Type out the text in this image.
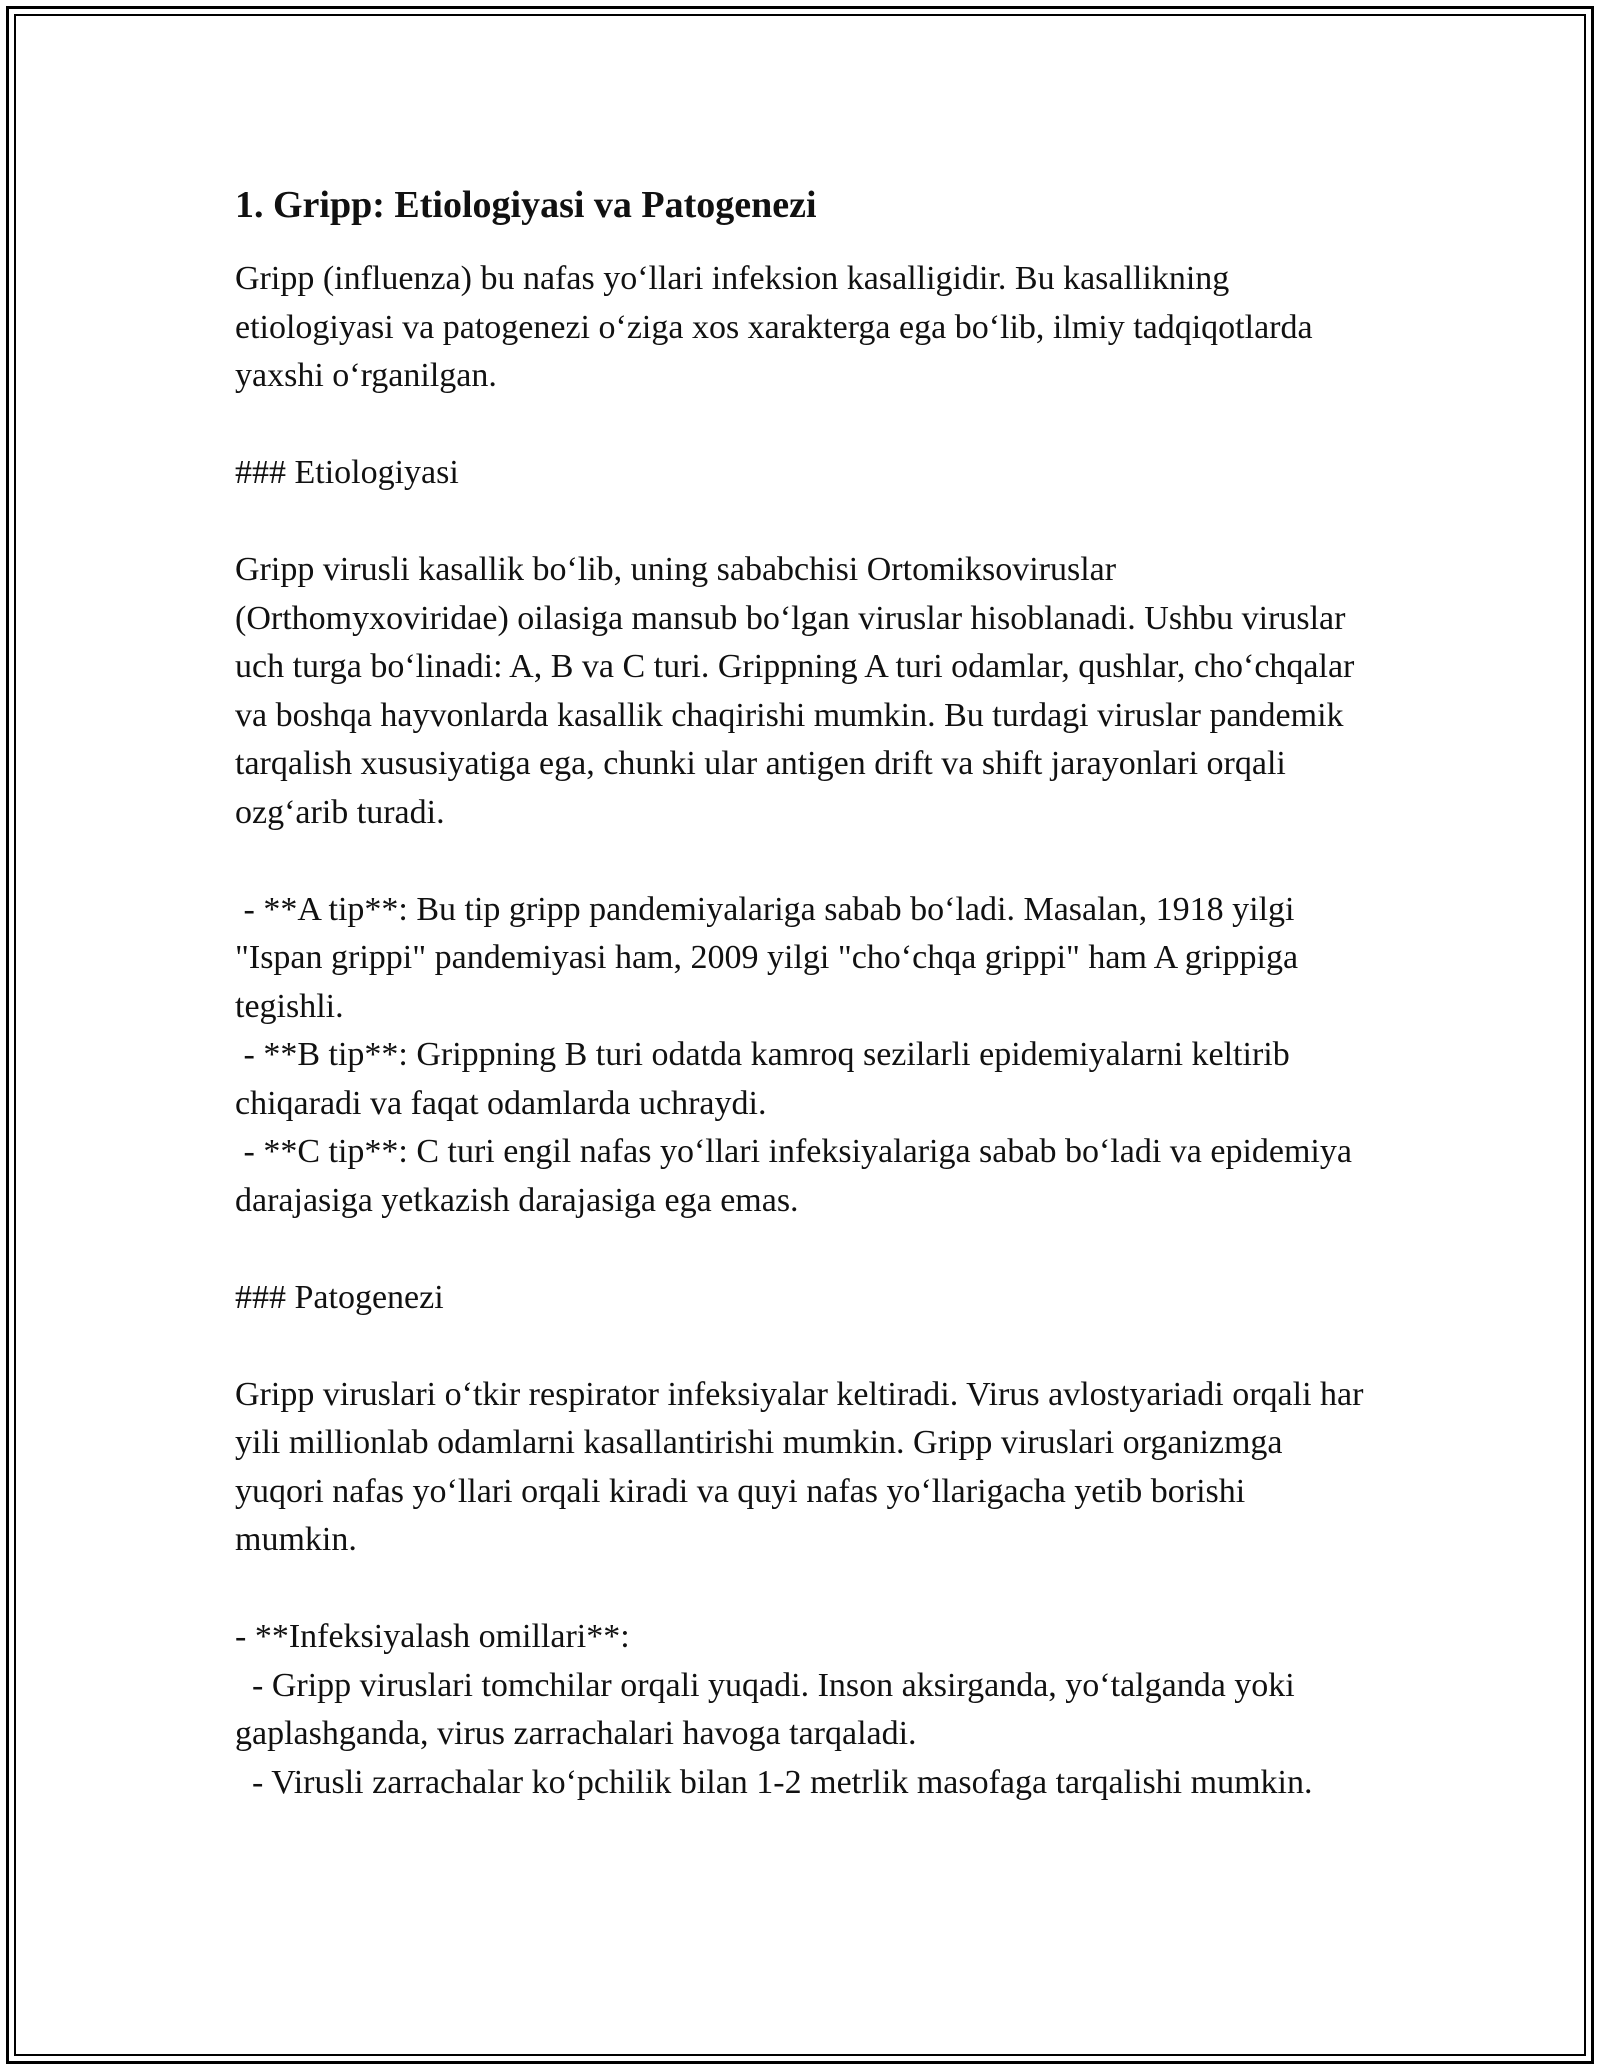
1. Gripp: Etiologiyasi va Patogenezi

Gripp (influenza) bu nafas yo‘llari infeksion kasalligidir. Bu kasallikning etiologiyasi va patogenezi o‘ziga xos xarakterga ega bo‘lib, ilmiy tadqiqotlarda yaxshi o‘rganilgan.

### Etiologiyasi

Gripp virusli kasallik bo‘lib, uning sababchisi Ortomiksoviruslar (Orthomyxoviridae) oilasiga mansub bo‘lgan viruslar hisoblanadi. Ushbu viruslar uch turga bo‘linadi: A, B va C turi. Grippning A turi odamlar, qushlar, cho‘chqalar va boshqa hayvonlarda kasallik chaqirishi mumkin. Bu turdagi viruslar pandemik tarqalish xususiyatiga ega, chunki ular antigen drift va shift jarayonlari orqali ozg‘arib turadi.

- **A tip**: Bu tip gripp pandemiyalariga sabab bo‘ladi. Masalan, 1918 yilgi "Ispan grippi" pandemiyasi ham, 2009 yilgi "cho‘chqa grippi" ham A grippiga tegishli.

- **B tip**: Grippning B turi odatda kamroq sezilarli epidemiyalarni keltirib chiqaradi va faqat odamlarda uchraydi.

- **C tip**: C turi engil nafas yo‘llari infeksiyalariga sabab bo‘ladi va epidemiya darajasiga yetkazish darajasiga ega emas.

### Patogenezi

Gripp viruslari o‘tkir respirator infeksiyalar keltiradi. Virus avlostyariadi orqali har yili millionlab odamlarni kasallantirishi mumkin. Gripp viruslari organizmga yuqori nafas yo‘llari orqali kiradi va quyi nafas yo‘llarigacha yetib borishi mumkin.

- **Infeksiyalash omillari**:

- Gripp viruslari tomchilar orqali yuqadi. Inson aksirganda, yo‘talganda yoki gaplashganda, virus zarrachalari havoga tarqaladi.

- Virusli zarrachalar ko‘pchilik bilan 1-2 metrlik masofaga tarqalishi mumkin.
